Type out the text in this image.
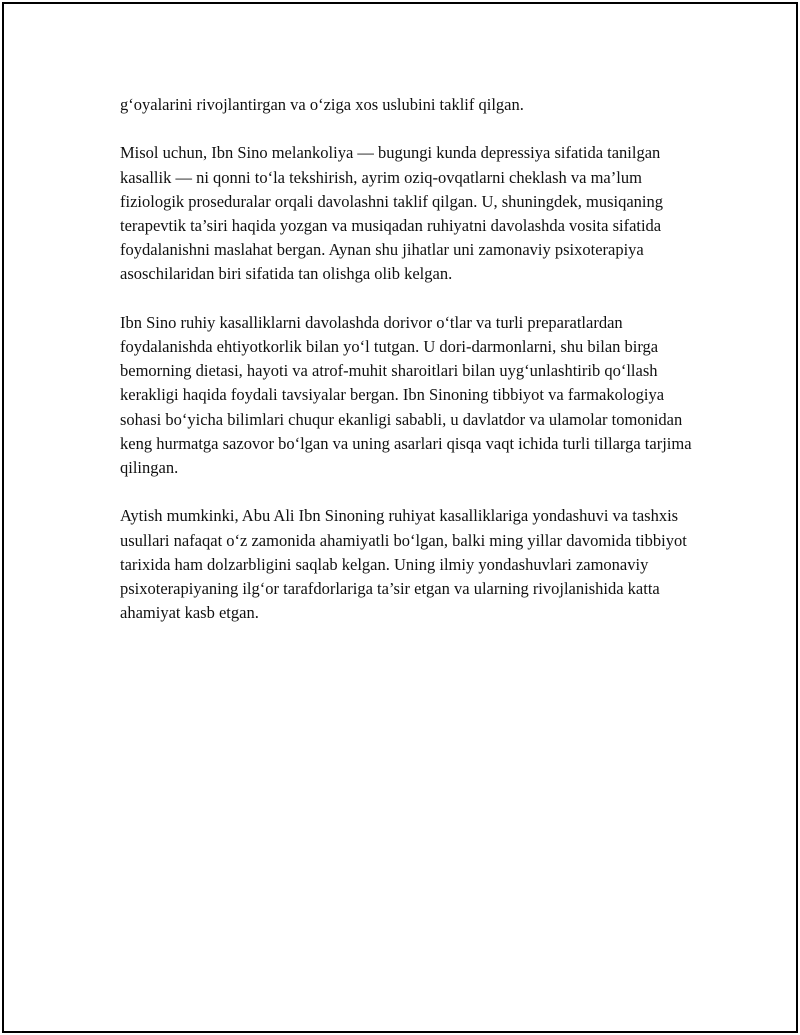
g‘oyalarini rivojlantirgan va o‘ziga xos uslubini taklif qilgan.

Misol uchun, Ibn Sino melankoliya — bugungi kunda depressiya sifatida tanilgan kasallik — ni qonni to‘la tekshirish, ayrim oziq-ovqatlarni cheklash va ma’lum fiziologik proseduralar orqali davolashni taklif qilgan. U, shuningdek, musiqaning terapevtik ta’siri haqida yozgan va musiqadan ruhiyatni davolashda vosita sifatida foydalanishni maslahat bergan. Aynan shu jihatlar uni zamonaviy psixoterapiya asoschilaridan biri sifatida tan olishga olib kelgan.

Ibn Sino ruhiy kasalliklarni davolashda dorivor o‘tlar va turli preparatlardan foydalanishda ehtiyotkorlik bilan yo‘l tutgan. U dori-darmonlarni, shu bilan birga bemorning dietasi, hayoti va atrof-muhit sharoitlari bilan uyg‘unlashtirib qo‘llash kerakligi haqida foydali tavsiyalar bergan. Ibn Sinoning tibbiyot va farmakologiya sohasi bo‘yicha bilimlari chuqur ekanligi sababli, u davlatdor va ulamolar tomonidan keng hurmatga sazovor bo‘lgan va uning asarlari qisqa vaqt ichida turli tillarga tarjima qilingan.

Aytish mumkinki, Abu Ali Ibn Sinoning ruhiyat kasalliklariga yondashuvi va tashxis usullari nafaqat o‘z zamonida ahamiyatli bo‘lgan, balki ming yillar davomida tibbiyot tarixida ham dolzarbligini saqlab kelgan. Uning ilmiy yondashuvlari zamonaviy psixoterapiyaning ilg‘or tarafdorlariga ta’sir etgan va ularning rivojlanishida katta ahamiyat kasb etgan.
